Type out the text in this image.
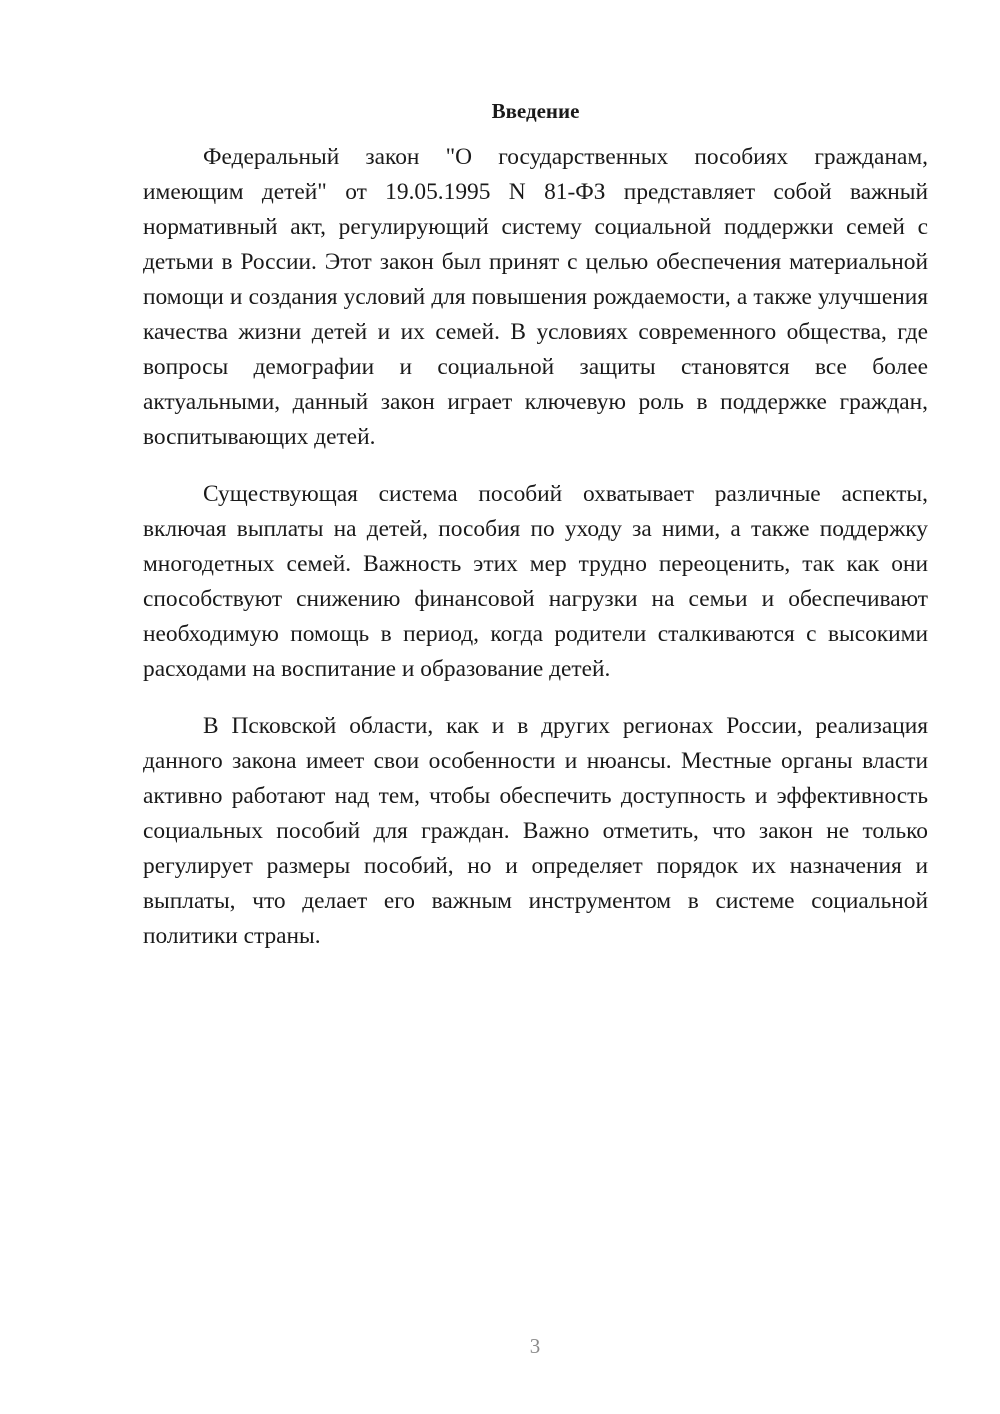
Введение

Федеральный закон "О государственных пособиях гражданам, имеющим детей" от 19.05.1995 N 81-ФЗ представляет собой важный нормативный акт, регулирующий систему социальной поддержки семей с детьми в России. Этот закон был принят с целью обеспечения материальной помощи и создания условий для повышения рождаемости, а также улучшения качества жизни детей и их семей. В условиях современного общества, где вопросы демографии и социальной защиты становятся все более актуальными, данный закон играет ключевую роль в поддержке граждан, воспитывающих детей.

Существующая система пособий охватывает различные аспекты, включая выплаты на детей, пособия по уходу за ними, а также поддержку многодетных семей. Важность этих мер трудно переоценить, так как они способствуют снижению финансовой нагрузки на семьи и обеспечивают необходимую помощь в период, когда родители сталкиваются с высокими расходами на воспитание и образование детей.

В Псковской области, как и в других регионах России, реализация данного закона имеет свои особенности и нюансы. Местные органы власти активно работают над тем, чтобы обеспечить доступность и эффективность социальных пособий для граждан. Важно отметить, что закон не только регулирует размеры пособий, но и определяет порядок их назначения и выплаты, что делает его важным инструментом в системе социальной политики страны.

3
